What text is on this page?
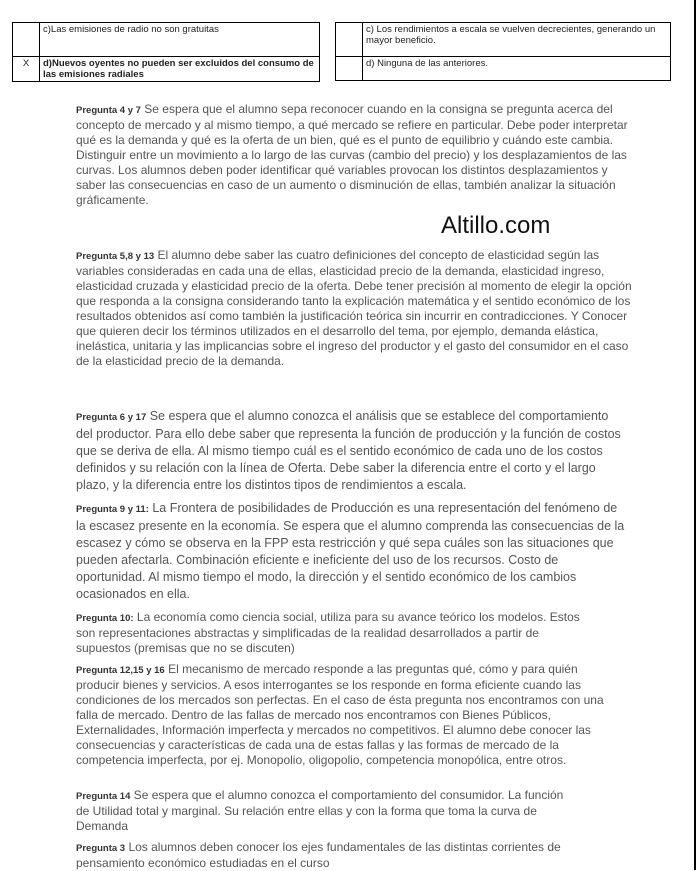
	c)Las emisiones de radio no son gratuitas
X	d)Nuevos oyentes no pueden ser excluidos del consumo de las emisiones radiales
	c) Los rendimientos a escala se vuelven decrecientes, generando un mayor beneficio.
	d) Ninguna de las anteriores.
Altillo.com

Pregunta 4 y 7 Se espera que el alumno sepa reconocer cuando en la consigna se pregunta acerca del concepto de mercado y al mismo tiempo, a qué mercado se refiere en particular. Debe poder interpretar qué es la demanda y qué es la oferta de un bien, qué es el punto de equilibrio y cuándo este cambia. Distinguir entre un movimiento a lo largo de las curvas (cambio del precio) y los desplazamientos de las curvas. Los alumnos deben poder identificar qué variables provocan los distintos desplazamientos y saber las consecuencias en caso de un aumento o disminución de ellas, también analizar la situación gráficamente.

Pregunta 5,8 y 13 El alumno debe saber las cuatro definiciones del concepto de elasticidad según las variables consideradas en cada una de ellas, elasticidad precio de la demanda, elasticidad ingreso, elasticidad cruzada y elasticidad precio de la oferta. Debe tener precisión al momento de elegir la opción que responda a la consigna considerando tanto la explicación matemática y el sentido económico de los resultados obtenidos así como también la justificación teórica sin incurrir en contradicciones. Y Conocer que quieren decir los términos utilizados en el desarrollo del tema, por ejemplo, demanda elástica, inelástica, unitaria y las implicancias sobre el ingreso del productor y el gasto del consumidor en el caso de la elasticidad precio de la demanda.

Pregunta 6 y 17 Se espera que el alumno conozca el análisis que se establece del comportamiento del productor. Para ello debe saber que representa la función de producción y la función de costos que se deriva de ella. Al mismo tiempo cuál es el sentido económico de cada uno de los costos definidos y su relación con la línea de Oferta. Debe saber la diferencia entre el corto y el largo plazo, y la diferencia entre los distintos tipos de rendimientos a escala.

Pregunta 9 y 11: La Frontera de posibilidades de Producción es una representación del fenómeno de la escasez presente en la economía. Se espera que el alumno comprenda las consecuencias de la escasez y cómo se observa en la FPP esta restricción y qué sepa cuáles son las situaciones que pueden afectarla. Combinación eficiente e ineficiente del uso de los recursos. Costo de oportunidad. Al mismo tiempo el modo, la dirección y el sentido económico de los cambios ocasionados en ella.

Pregunta 10: La economía como ciencia social, utiliza para su avance teórico los modelos. Estos son representaciones abstractas y simplificadas de la realidad desarrollados a partir de supuestos (premisas que no se discuten)

Pregunta 12,15 y 16 El mecanismo de mercado responde a las preguntas qué, cómo y para quién producir bienes y servicios. A esos interrogantes se los responde en forma eficiente cuando las condiciones de los mercados son perfectas. En el caso de ésta pregunta nos encontramos con una falla de mercado. Dentro de las fallas de mercado nos encontramos con Bienes Públicos, Externalidades, Información imperfecta y mercados no competitivos. El alumno debe conocer las consecuencias y características de cada una de estas fallas y las formas de mercado de la competencia imperfecta, por ej. Monopolio, oligopolio, competencia monopólica, entre otros.

Pregunta 14 Se espera que el alumno conozca el comportamiento del consumidor. La función de Utilidad total y marginal. Su relación entre ellas y con la forma que toma la curva de Demanda

Pregunta 3 Los alumnos deben conocer los ejes fundamentales de las distintas corrientes de pensamiento económico estudiadas en el curso
